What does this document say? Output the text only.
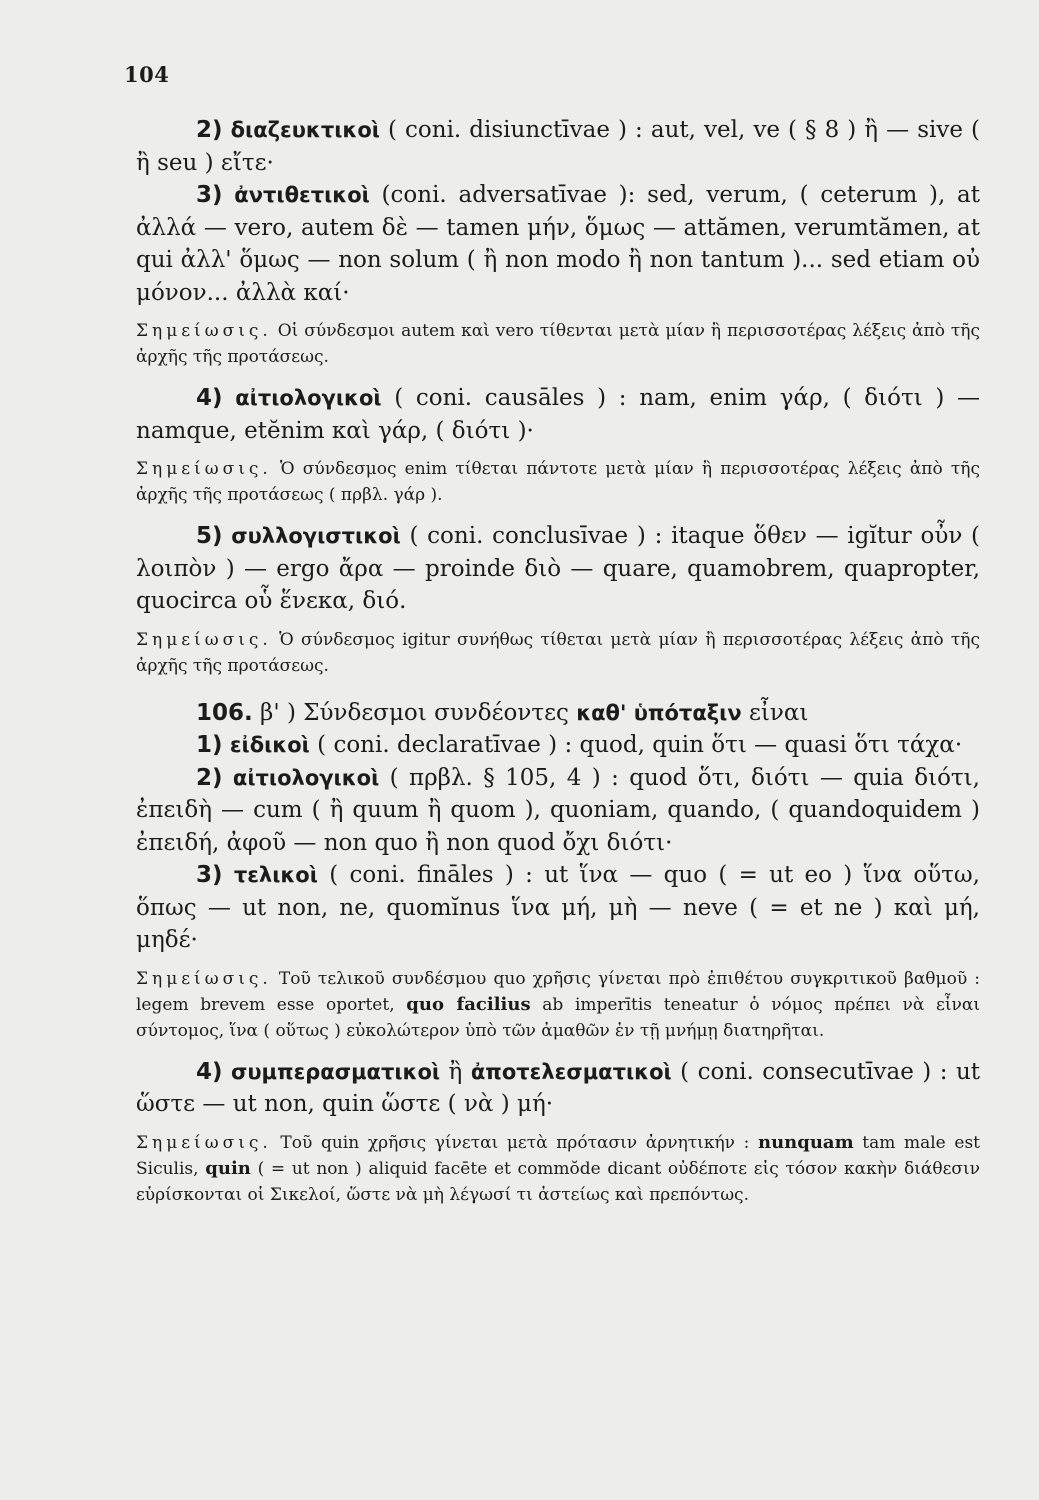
104

2) διαζευκτικοὶ ( coni. disiunctīvae ) : aut, vel, ve ( § 8 ) ἢ — sive ( ἢ seu ) εἴτε·

3) ἀντιθετικοὶ (coni. adversatīvae ): sed, verum, ( ceterum ), at ἀλλά — vero, autem δὲ — tamen μήν, ὅμως — attămen, verumtămen, at qui ἀλλ' ὅμως — non solum ( ἢ non modo ἢ non tantum )... sed etiam οὐ μόνον... ἀλλὰ καί·

Σημείωσις. Οἱ σύνδεσμοι autem καὶ vero τίθενται μετὰ μίαν ἢ περισσοτέρας λέξεις ἀπὸ τῆς ἀρχῆς τῆς προτάσεως.

4) αἰτιολογικοὶ ( coni. causāles ) : nam, enim γάρ, ( διότι ) — namque, etĕnim καὶ γάρ, ( διότι )·

Σημείωσις. Ὁ σύνδεσμος enim τίθεται πάντοτε μετὰ μίαν ἢ περισσοτέρας λέξεις ἀπὸ τῆς ἀρχῆς τῆς προτάσεως ( πρβλ. γάρ ).

5) συλλογιστικοὶ ( coni. conclusīvae ) : itaque ὅθεν — igĭtur οὖν ( λοιπὸν ) — ergo ἄρα — proinde διὸ — quare, quamobrem, quapropter, quocirca οὗ ἕνεκα, διό.

Σημείωσις. Ὁ σύνδεσμος igitur συνήθως τίθεται μετὰ μίαν ἢ περισσοτέρας λέξεις ἀπὸ τῆς ἀρχῆς τῆς προτάσεως.

106. β' ) Σύνδεσμοι συνδέοντες καθ' ὑπόταξιν εἶναι

1) εἰδικοὶ ( coni. declaratīvae ) : quod, quin ὅτι — quasi ὅτι τάχα·

2) αἰτιολογικοὶ ( πρβλ. § 105, 4 ) : quod ὅτι, διότι — quia διότι, ἐπειδὴ — cum ( ἢ quum ἢ quom ), quoniam, quando, ( quandoquidem ) ἐπειδή, ἀφοῦ — non quo ἢ non quod ὄχι διότι·

3) τελικοὶ ( coni. fināles ) : ut ἵνα — quo ( = ut eo ) ἵνα οὕτω, ὅπως — ut non, ne, quomĭnus ἵνα μή, μὴ — neve ( = et ne ) καὶ μή, μηδέ·

Σημείωσις. Τοῦ τελικοῦ συνδέσμου quo χρῆσις γίνεται πρὸ ἐπιθέτου συγκριτικοῦ βαθμοῦ : legem brevem esse oportet, quo facilius ab imperītis teneatur ὁ νόμος πρέπει νὰ εἶναι σύντομος, ἵνα ( οὕτως ) εὐκολώτερον ὑπὸ τῶν ἀμαθῶν ἐν τῇ μνήμῃ διατηρῆται.

4) συμπερασματικοὶ ἢ ἀποτελεσματικοὶ ( coni. consecutīvae ) : ut ὥστε — ut non, quin ὥστε ( νὰ ) μή·

Σημείωσις. Τοῦ quin χρῆσις γίνεται μετὰ πρότασιν ἀρνητικήν : nunquam tam male est Siculis, quin ( = ut non ) aliquid facēte et commŏde dicant οὐδέποτε εἰς τόσον κακὴν διάθεσιν εὑρίσκονται οἱ Σικελοί, ὥστε νὰ μὴ λέγωσί τι ἀστείως καὶ πρεπόντως.
